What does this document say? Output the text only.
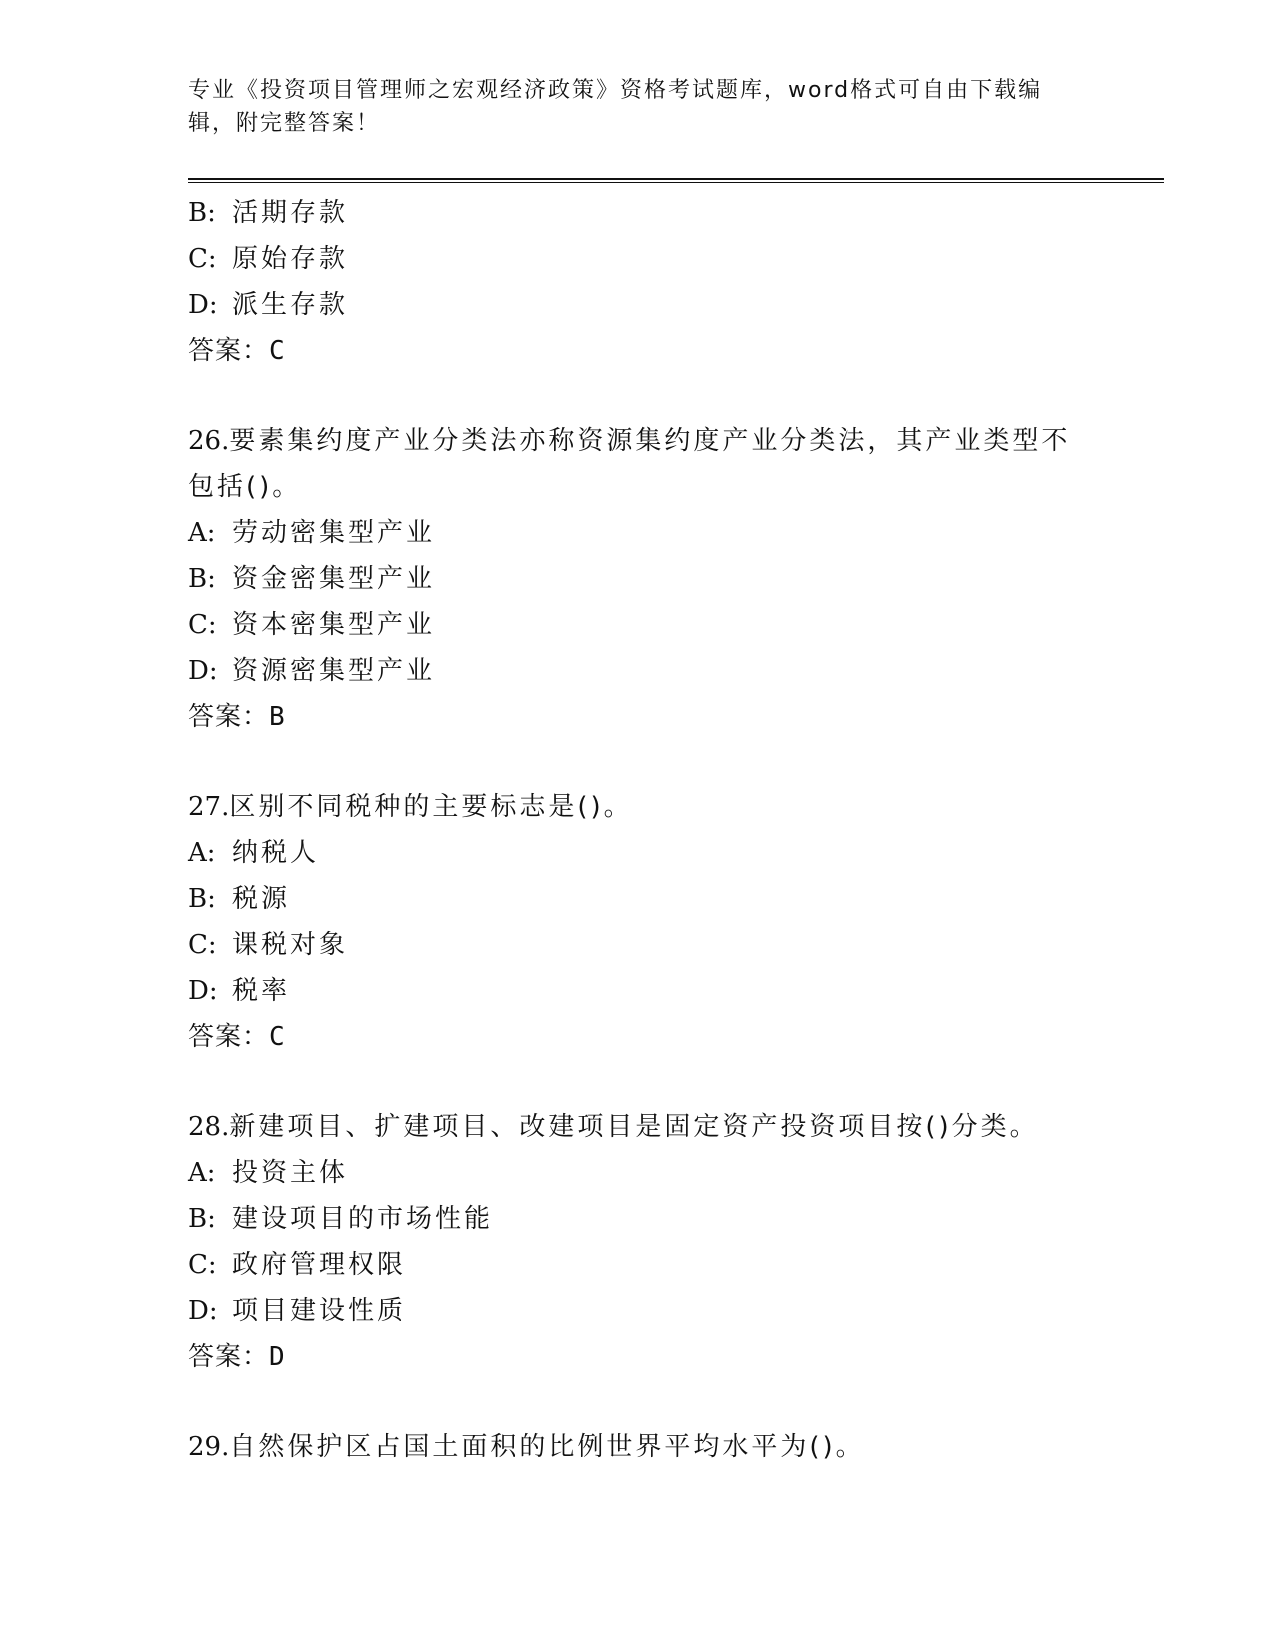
专业《投资项目管理师之宏观经济政策》资格考试题库，word格式可自由下载编辑，附完整答案！
B: 活期存款
C: 原始存款
D: 派生存款
答案：C
26.要素集约度产业分类法亦称资源集约度产业分类法，其产业类型不包括()。
A: 劳动密集型产业
B: 资金密集型产业
C: 资本密集型产业
D: 资源密集型产业
答案：B
27.区别不同税种的主要标志是()。
A: 纳税人
B: 税源
C: 课税对象
D: 税率
答案：C
28.新建项目、扩建项目、改建项目是固定资产投资项目按()分类。
A: 投资主体
B: 建设项目的市场性能
C: 政府管理权限
D: 项目建设性质
答案：D
29.自然保护区占国土面积的比例世界平均水平为()。
